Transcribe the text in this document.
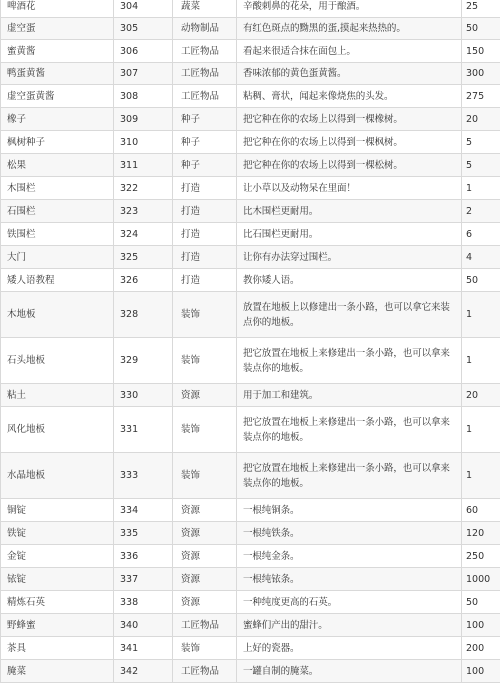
啤酒花	304	蔬菜	辛酸刺鼻的花朵，用于酿酒。	25
虚空蛋	305	动物制品	有红色斑点的黝黑的蛋,摸起来热热的。	50
蜜黄酱	306	工匠物品	看起来很适合抹在面包上。	150
鸭蛋黄酱	307	工匠物品	香味浓郁的黄色蛋黄酱。	300
虚空蛋黄酱	308	工匠物品	粘稠、膏状，闻起来像烧焦的头发。	275
橡子	309	种子	把它种在你的农场上以得到一棵橡树。	20
枫树种子	310	种子	把它种在你的农场上以得到一棵枫树。	5
松果	311	种子	把它种在你的农场上以得到一棵松树。	5
木围栏	322	打造	让小草以及动物呆在里面！	1
石围栏	323	打造	比木围栏更耐用。	2
铁围栏	324	打造	比石围栏更耐用。	6
大门	325	打造	让你有办法穿过围栏。	4
矮人语教程	326	打造	教你矮人语。	50
木地板	328	装饰	放置在地板上以修建出一条小路，也可以拿它来装点你的地板。	1
石头地板	329	装饰	把它放置在地板上来修建出一条小路，也可以拿来装点你的地板。	1
粘土	330	资源	用于加工和建筑。	20
风化地板	331	装饰	把它放置在地板上来修建出一条小路，也可以拿来装点你的地板。	1
水晶地板	333	装饰	把它放置在地板上来修建出一条小路，也可以拿来装点你的地板。	1
铜锭	334	资源	一根纯铜条。	60
铁锭	335	资源	一根纯铁条。	120
金锭	336	资源	一根纯金条。	250
铱锭	337	资源	一根纯铱条。	1000
精炼石英	338	资源	一种纯度更高的石英。	50
野蜂蜜	340	工匠物品	蜜蜂们产出的甜汁。	100
茶具	341	装饰	上好的瓷器。	200
腌菜	342	工匠物品	一罐自制的腌菜。	100
